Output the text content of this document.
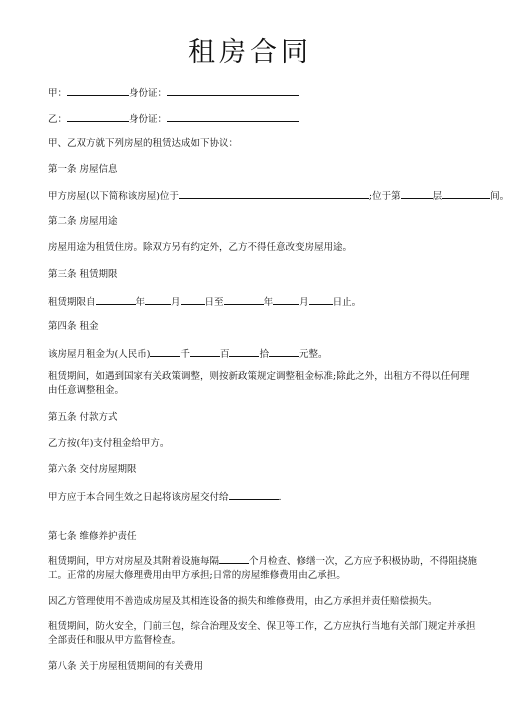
租房合同
甲：	身份证：
乙：	身份证：
甲、乙双方就下列房屋的租赁达成如下协议：
第一条 房屋信息
甲方房屋(以下简称该房屋)位于	;位于第	层	间。
第二条 房屋用途
房屋用途为租赁住房。除双方另有约定外，乙方不得任意改变房屋用途。
第三条 租赁期限
租赁期限自	年	月	日至	年	月	日止。
第四条 租金
该房屋月租金为(人民币)	千	百	拾	元整。
租赁期间，如遇到国家有关政策调整，则按新政策规定调整租金标准;除此之外，出租方不得以任何理由任意调整租金。
第五条 付款方式
乙方按(年)支付租金给甲方。
第六条 交付房屋期限
甲方应于本合同生效之日起将该房屋交付给	.
第七条 维修养护责任
租赁期间，甲方对房屋及其附着设施每隔	个月检查、修缮一次，乙方应予积极协助，不得阻挠施工。正常的房屋大修理费用由甲方承担;日常的房屋维修费用由乙承担。
因乙方管理使用不善造成房屋及其相连设备的损失和维修费用，由乙方承担并责任赔偿损失。
租赁期间，防火安全，门前三包，综合治理及安全、保卫等工作，乙方应执行当地有关部门规定并承担全部责任和服从甲方监督检查。
第八条 关于房屋租赁期间的有关费用
